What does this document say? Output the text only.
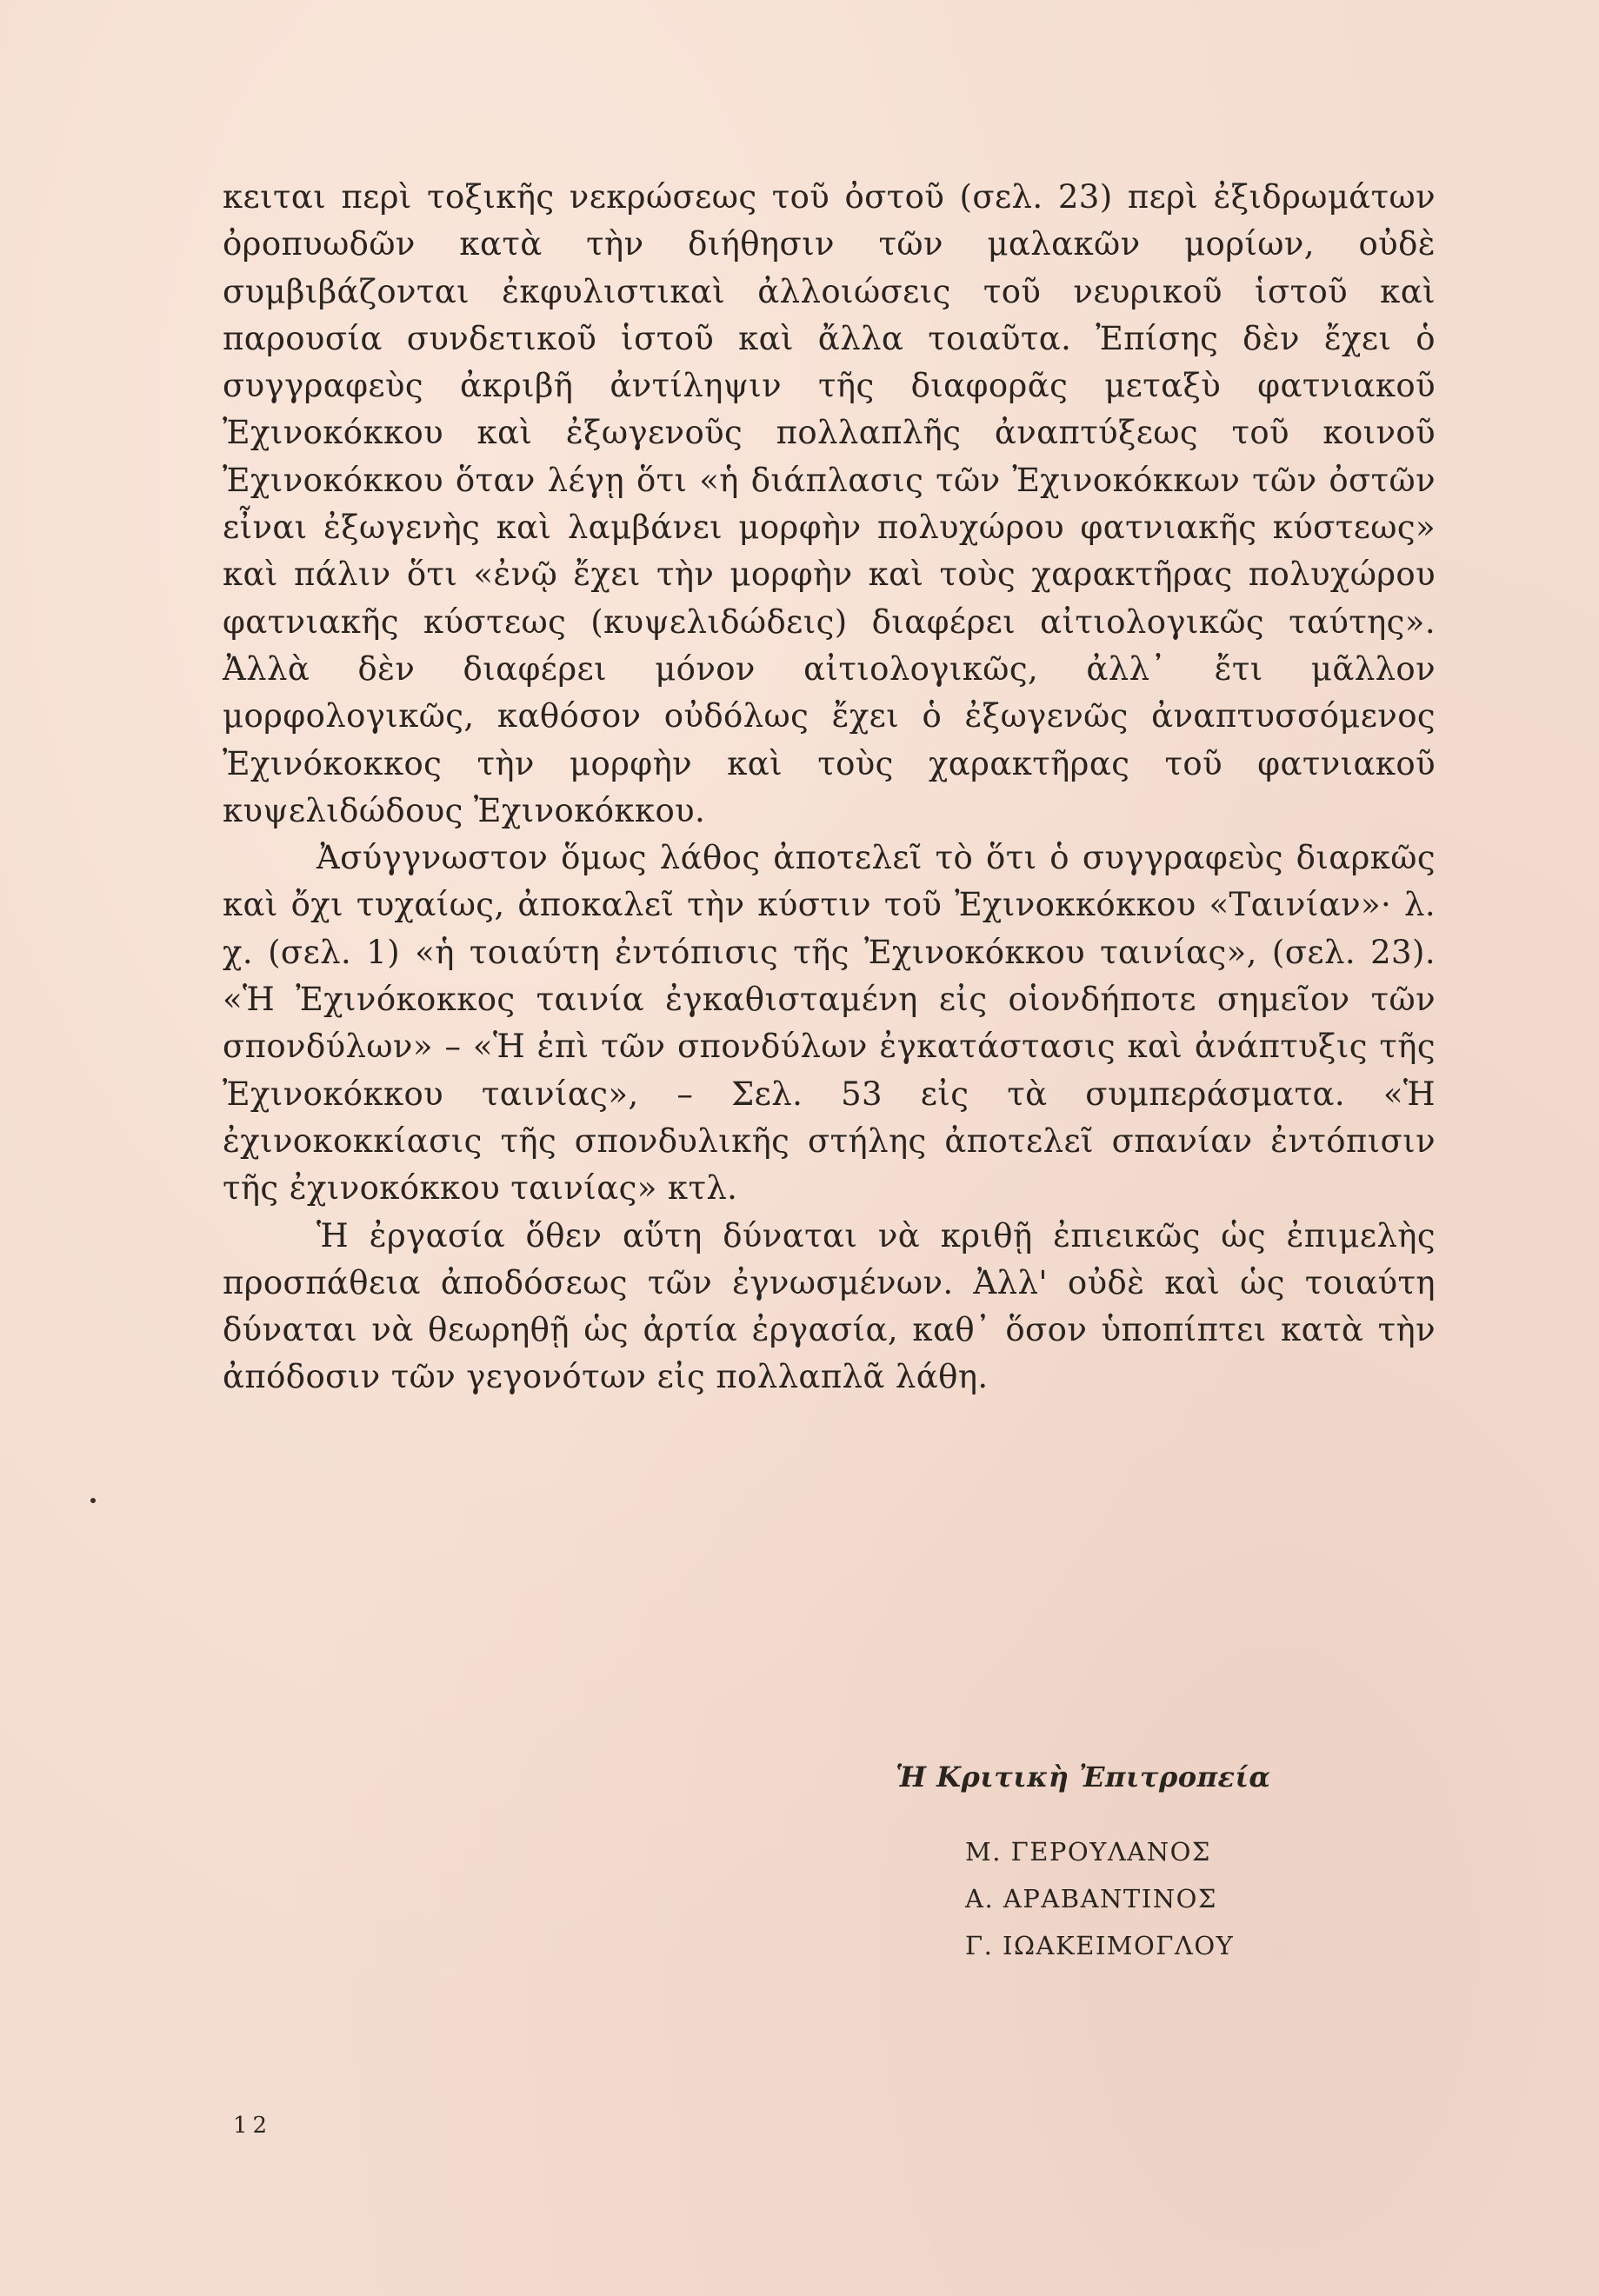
κειται περὶ τοξικῆς νεκρώσεως τοῦ ὀστοῦ (σελ. 23) περὶ ἐξιδρωμάτων ὀροπυωδῶν κατὰ τὴν διήθησιν τῶν μαλακῶν μορίων, οὐδὲ συμβιβάζονται ἐκφυλιστικαὶ ἀλλοιώσεις τοῦ νευρικοῦ ἱστοῦ καὶ παρουσία συνδετικοῦ ἱστοῦ καὶ ἄλλα τοιαῦτα. Ἐπίσης δὲν ἔχει ὁ συγγραφεὺς ἀκριβῆ ἀντίληψιν τῆς διαφορᾶς μεταξὺ φατνιακοῦ Ἐχινοκόκκου καὶ ἐξωγενοῦς πολλαπλῆς ἀναπτύξεως τοῦ κοινοῦ Ἐχινοκόκκου ὅταν λέγῃ ὅτι «ἡ διάπλασις τῶν Ἐχινοκόκκων τῶν ὀστῶν εἶναι ἐξωγενὴς καὶ λαμβάνει μορφὴν πολυχώρου φατνιακῆς κύστεως» καὶ πάλιν ὅτι «ἐνῷ ἔχει τὴν μορφὴν καὶ τοὺς χαρακτῆρας πολυχώρου φατνιακῆς κύστεως (κυψελιδώδεις) διαφέρει αἰτιολογικῶς ταύτης». Ἀλλὰ δὲν διαφέρει μόνον αἰτιολογικῶς, ἀλλ᾽ ἔτι μᾶλλον μορφολογικῶς, καθόσον οὐδόλως ἔχει ὁ ἐξωγενῶς ἀναπτυσσόμενος Ἐχινόκοκκος τὴν μορφὴν καὶ τοὺς χαρακτῆρας τοῦ φατνιακοῦ κυψελιδώδους Ἐχινοκόκκου.

Ἀσύγγνωστον ὅμως λάθος ἀποτελεῖ τὸ ὅτι ὁ συγγραφεὺς διαρκῶς καὶ ὄχι τυχαίως, ἀποκαλεῖ τὴν κύστιν τοῦ Ἐχινοκκόκκου «Ταινίαν»· λ. χ. (σελ. 1) «ἡ τοιαύτη ἐντόπισις τῆς Ἐχινοκόκκου ταινίας», (σελ. 23). «Ἡ Ἐχινόκοκκος ταινία ἐγκαθισταμένη εἰς οἱονδήποτε σημεῖον τῶν σπονδύλων» – «Ἡ ἐπὶ τῶν σπονδύλων ἐγκατάστασις καὶ ἀνάπτυξις τῆς Ἐχινοκόκκου ταινίας», – Σελ. 53 εἰς τὰ συμπεράσματα. «Ἡ ἐχινοκοκκίασις τῆς σπονδυλικῆς στήλης ἀποτελεῖ σπανίαν ἐντόπισιν τῆς ἐχινοκόκκου ταινίας» κτλ.

Ἡ ἐργασία ὅθεν αὕτη δύναται νὰ κριθῇ ἐπιεικῶς ὡς ἐπιμελὴς προσπάθεια ἀποδόσεως τῶν ἐγνωσμένων. Ἀλλ' οὐδὲ καὶ ὡς τοιαύτη δύναται νὰ θεωρηθῇ ὡς ἀρτία ἐργασία, καθ᾽ ὅσον ὑποπίπτει κατὰ τὴν ἀπόδοσιν τῶν γεγονότων εἰς πολλαπλᾶ λάθη.

Ἡ Κριτικὴ Ἐπιτροπεία

Μ. ΓΕΡΟΥΛΑΝΟΣ
Α. ΑΡΑΒΑΝΤΙΝΟΣ
Γ. ΙΩΑΚΕΙΜΟΓΛΟΥ
12
